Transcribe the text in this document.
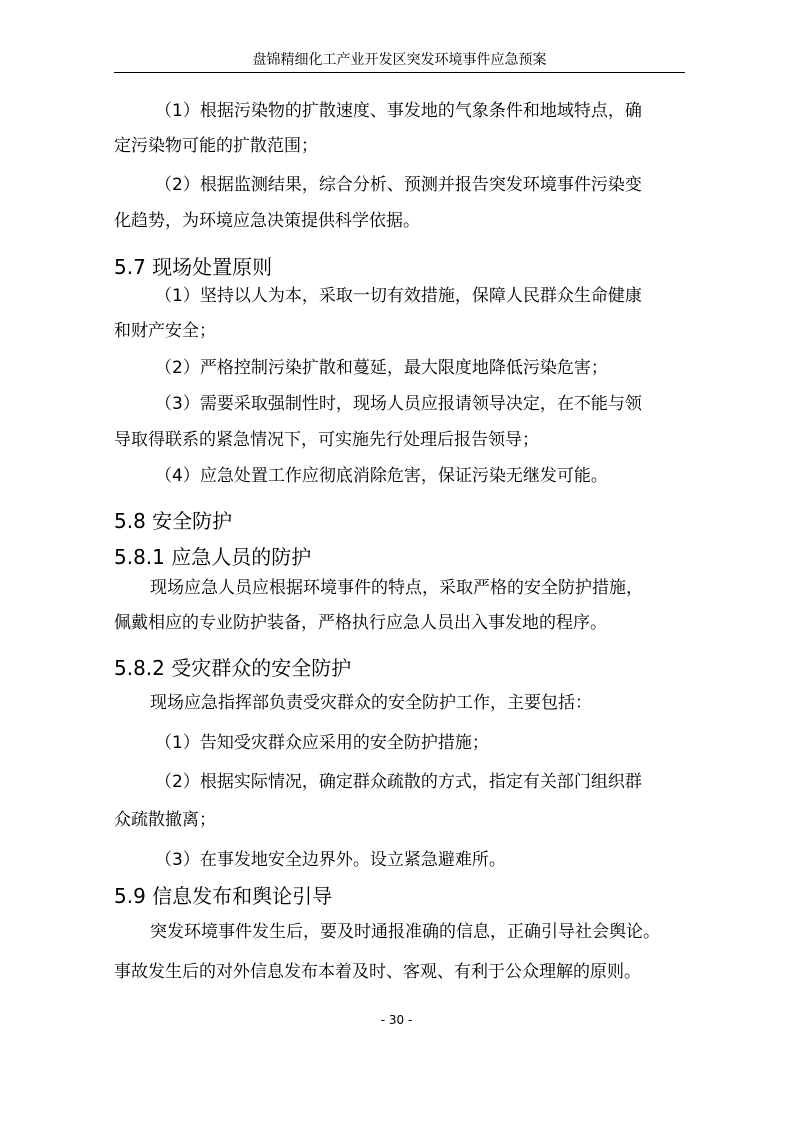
盘锦精细化工产业开发区突发环境事件应急预案
（1）根据污染物的扩散速度、事发地的气象条件和地域特点，确
定污染物可能的扩散范围；
（2）根据监测结果，综合分析、预测并报告突发环境事件污染变
化趋势，为环境应急决策提供科学依据。
5.7 现场处置原则
（1）坚持以人为本，采取一切有效措施，保障人民群众生命健康
和财产安全；
（2）严格控制污染扩散和蔓延，最大限度地降低污染危害；
（3）需要采取强制性时，现场人员应报请领导决定，在不能与领
导取得联系的紧急情况下，可实施先行处理后报告领导；
（4）应急处置工作应彻底消除危害，保证污染无继发可能。
5.8 安全防护
5.8.1 应急人员的防护
现场应急人员应根据环境事件的特点，采取严格的安全防护措施，
佩戴相应的专业防护装备，严格执行应急人员出入事发地的程序。
5.8.2 受灾群众的安全防护
现场应急指挥部负责受灾群众的安全防护工作，主要包括：
（1）告知受灾群众应采用的安全防护措施；
（2）根据实际情况，确定群众疏散的方式，指定有关部门组织群
众疏散撤离；
（3）在事发地安全边界外。设立紧急避难所。
5.9 信息发布和舆论引导
突发环境事件发生后，要及时通报准确的信息，正确引导社会舆论。
事故发生后的对外信息发布本着及时、客观、有利于公众理解的原则。
- 30 -
